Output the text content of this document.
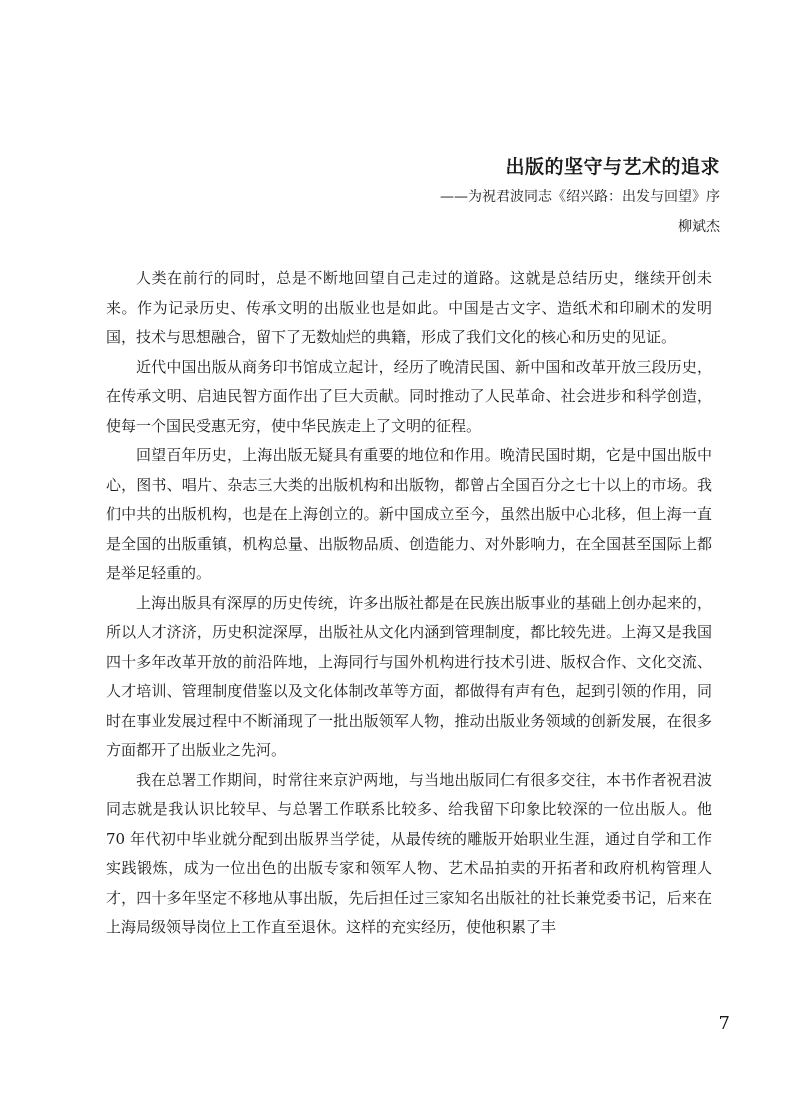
出版的坚守与艺术的追求

——为祝君波同志《绍兴路：出发与回望》序

柳斌杰

人类在前行的同时，总是不断地回望自己走过的道路。这就是总结历史，继续开创未来。作为记录历史、传承文明的出版业也是如此。中国是古文字、造纸术和印刷术的发明国，技术与思想融合，留下了无数灿烂的典籍，形成了我们文化的核心和历史的见证。

近代中国出版从商务印书馆成立起计，经历了晚清民国、新中国和改革开放三段历史，在传承文明、启迪民智方面作出了巨大贡献。同时推动了人民革命、社会进步和科学创造，使每一个国民受惠无穷，使中华民族走上了文明的征程。

回望百年历史，上海出版无疑具有重要的地位和作用。晚清民国时期，它是中国出版中心，图书、唱片、杂志三大类的出版机构和出版物，都曾占全国百分之七十以上的市场。我们中共的出版机构，也是在上海创立的。新中国成立至今，虽然出版中心北移，但上海一直是全国的出版重镇，机构总量、出版物品质、创造能力、对外影响力，在全国甚至国际上都是举足轻重的。

上海出版具有深厚的历史传统，许多出版社都是在民族出版事业的基础上创办起来的，所以人才济济，历史积淀深厚，出版社从文化内涵到管理制度，都比较先进。上海又是我国四十多年改革开放的前沿阵地，上海同行与国外机构进行技术引进、版权合作、文化交流、人才培训、管理制度借鉴以及文化体制改革等方面，都做得有声有色，起到引领的作用，同时在事业发展过程中不断涌现了一批出版领军人物，推动出版业务领域的创新发展，在很多方面都开了出版业之先河。

我在总署工作期间，时常往来京沪两地，与当地出版同仁有很多交往，本书作者祝君波同志就是我认识比较早、与总署工作联系比较多、给我留下印象比较深的一位出版人。他 70 年代初中毕业就分配到出版界当学徒，从最传统的雕版开始职业生涯，通过自学和工作实践锻炼，成为一位出色的出版专家和领军人物、艺术品拍卖的开拓者和政府机构管理人才，四十多年坚定不移地从事出版，先后担任过三家知名出版社的社长兼党委书记，后来在上海局级领导岗位上工作直至退休。这样的充实经历，使他积累了丰

7
